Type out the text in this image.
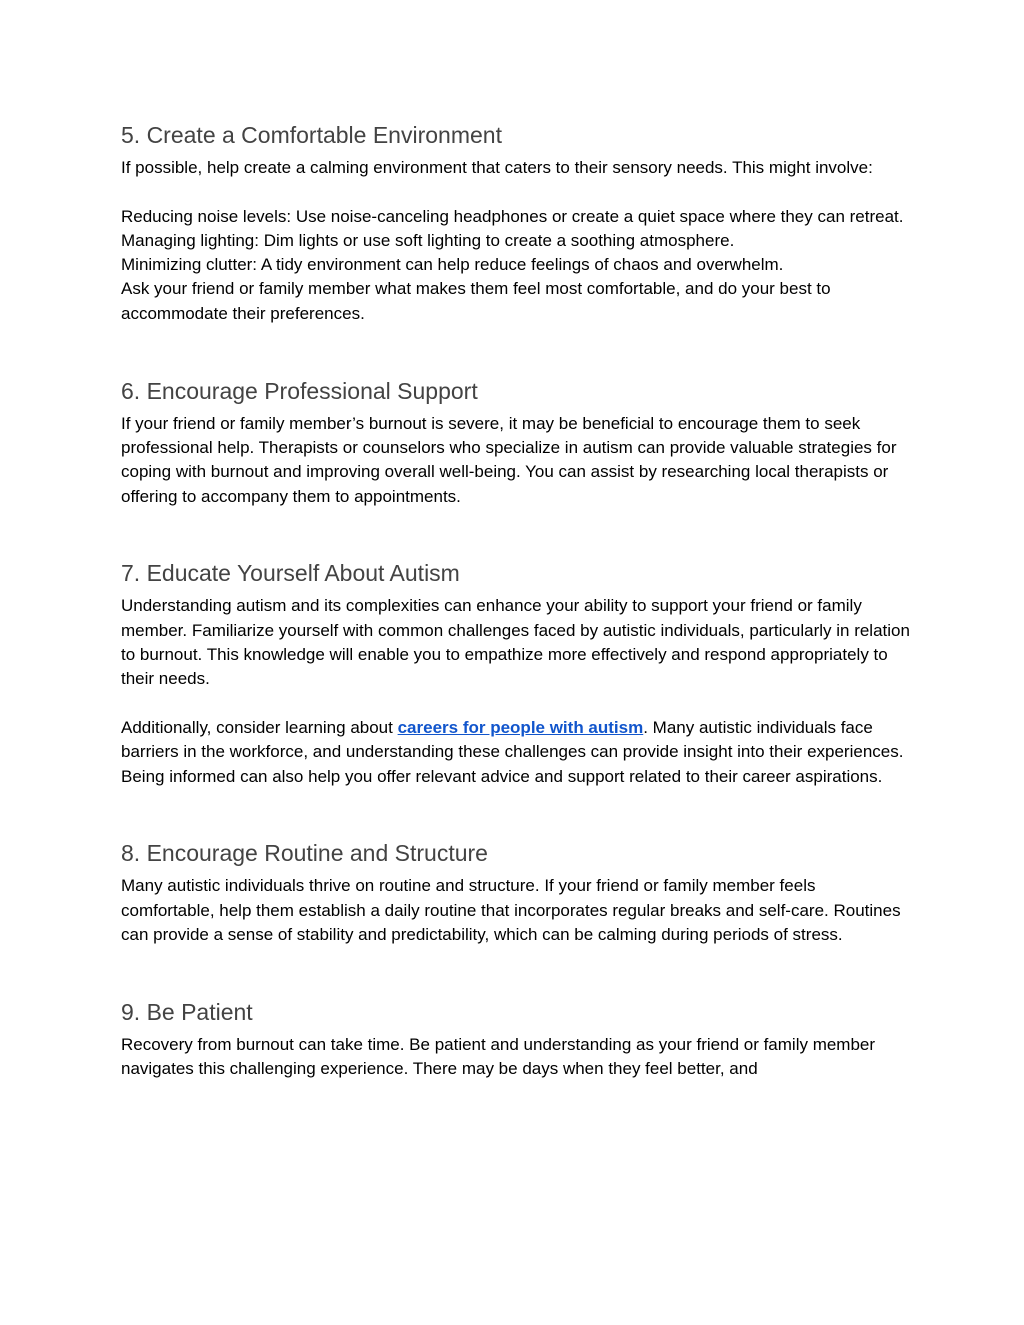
5. Create a Comfortable Environment

If possible, help create a calming environment that caters to their sensory needs. This might involve:

Reducing noise levels: Use noise-canceling headphones or create a quiet space where they can retreat.

Managing lighting: Dim lights or use soft lighting to create a soothing atmosphere.

Minimizing clutter: A tidy environment can help reduce feelings of chaos and overwhelm.

Ask your friend or family member what makes them feel most comfortable, and do your best to accommodate their preferences.

6. Encourage Professional Support

If your friend or family member’s burnout is severe, it may be beneficial to encourage them to seek professional help. Therapists or counselors who specialize in autism can provide valuable strategies for coping with burnout and improving overall well-being. You can assist by researching local therapists or offering to accompany them to appointments.

7. Educate Yourself About Autism

Understanding autism and its complexities can enhance your ability to support your friend or family member. Familiarize yourself with common challenges faced by autistic individuals, particularly in relation to burnout. This knowledge will enable you to empathize more effectively and respond appropriately to their needs.

Additionally, consider learning about careers for people with autism. Many autistic individuals face barriers in the workforce, and understanding these challenges can provide insight into their experiences. Being informed can also help you offer relevant advice and support related to their career aspirations.

8. Encourage Routine and Structure

Many autistic individuals thrive on routine and structure. If your friend or family member feels comfortable, help them establish a daily routine that incorporates regular breaks and self-care. Routines can provide a sense of stability and predictability, which can be calming during periods of stress.

9. Be Patient

Recovery from burnout can take time. Be patient and understanding as your friend or family member navigates this challenging experience. There may be days when they feel better, and
